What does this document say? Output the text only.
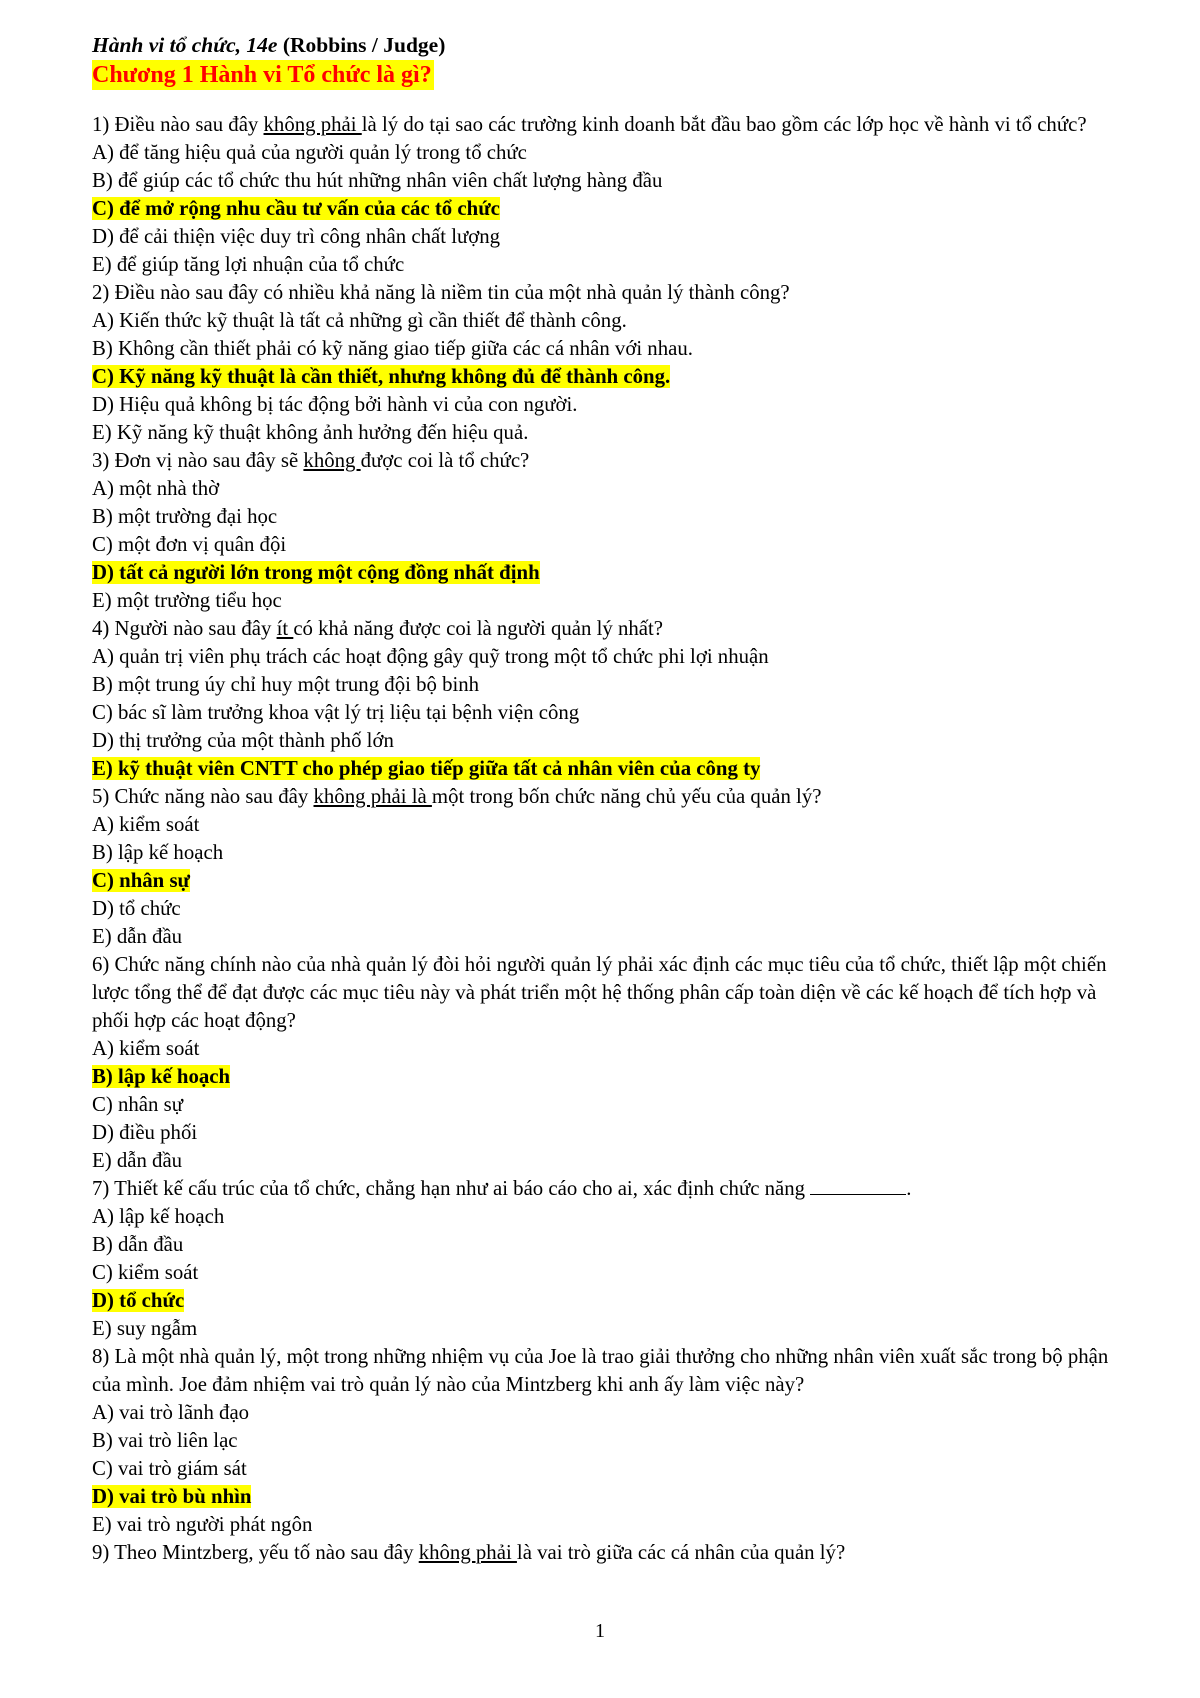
Hành vi tổ chức, 14e (Robbins / Judge)
Chương 1 Hành vi Tổ chức là gì?
1) Điều nào sau đây không phải là lý do tại sao các trường kinh doanh bắt đầu bao gồm các lớp học về hành vi tổ chức?
A) để tăng hiệu quả của người quản lý trong tổ chức
B) để giúp các tổ chức thu hút những nhân viên chất lượng hàng đầu
C) để mở rộng nhu cầu tư vấn của các tổ chức
D) để cải thiện việc duy trì công nhân chất lượng
E) để giúp tăng lợi nhuận của tổ chức
2) Điều nào sau đây có nhiều khả năng là niềm tin của một nhà quản lý thành công?
A) Kiến thức kỹ thuật là tất cả những gì cần thiết để thành công.
B) Không cần thiết phải có kỹ năng giao tiếp giữa các cá nhân với nhau.
C) Kỹ năng kỹ thuật là cần thiết, nhưng không đủ để thành công.
D) Hiệu quả không bị tác động bởi hành vi của con người.
E) Kỹ năng kỹ thuật không ảnh hưởng đến hiệu quả.
3) Đơn vị nào sau đây sẽ không được coi là tổ chức?
A) một nhà thờ
B) một trường đại học
C) một đơn vị quân đội
D) tất cả người lớn trong một cộng đồng nhất định
E) một trường tiểu học
4) Người nào sau đây ít có khả năng được coi là người quản lý nhất?
A) quản trị viên phụ trách các hoạt động gây quỹ trong một tổ chức phi lợi nhuận
B) một trung úy chỉ huy một trung đội bộ binh
C) bác sĩ làm trưởng khoa vật lý trị liệu tại bệnh viện công
D) thị trưởng của một thành phố lớn
E) kỹ thuật viên CNTT cho phép giao tiếp giữa tất cả nhân viên của công ty
5) Chức năng nào sau đây không phải là một trong bốn chức năng chủ yếu của quản lý?
A) kiểm soát
B) lập kế hoạch
C) nhân sự
D) tổ chức
E) dẫn đầu
6) Chức năng chính nào của nhà quản lý đòi hỏi người quản lý phải xác định các mục tiêu của tổ chức, thiết lập một chiến lược tổng thể để đạt được các mục tiêu này và phát triển một hệ thống phân cấp toàn diện về các kế hoạch để tích hợp và phối hợp các hoạt động?
A) kiểm soát
B) lập kế hoạch
C) nhân sự
D) điều phối
E) dẫn đầu
7) Thiết kế cấu trúc của tổ chức, chẳng hạn như ai báo cáo cho ai, xác định chức năng	.
A) lập kế hoạch
B) dẫn đầu
C) kiểm soát
D) tổ chức
E) suy ngẫm
8) Là một nhà quản lý, một trong những nhiệm vụ của Joe là trao giải thưởng cho những nhân viên xuất sắc trong bộ phận của mình. Joe đảm nhiệm vai trò quản lý nào của Mintzberg khi anh ấy làm việc này?
A) vai trò lãnh đạo
B) vai trò liên lạc
C) vai trò giám sát
D) vai trò bù nhìn
E) vai trò người phát ngôn
9) Theo Mintzberg, yếu tố nào sau đây không phải là vai trò giữa các cá nhân của quản lý?
1
